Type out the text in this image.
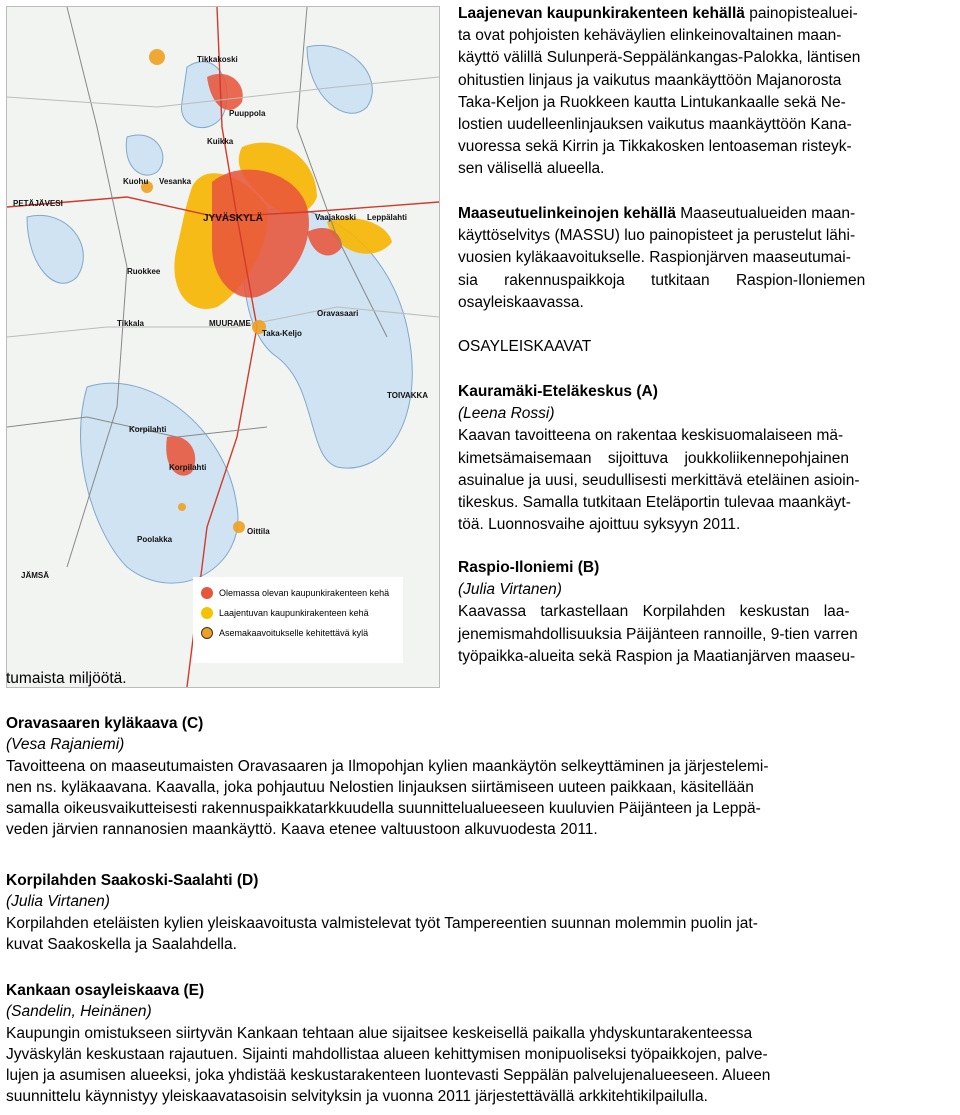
Tikkakoski
Puuppola
Kuohu Vesanka
PETÄJÄVESI
JYVÄSKYLÄ	Vaajakoski Leppälahti
MUURAME
Oravasaari
Tikkala
Taka-Keljo
TOIVAKKA
Korpilahti
Korpilahti
Oittila
Poolakka
JÄMSÄ
Kuikka
Ruokkee
Olemassa olevan kaupunkirakenteen kehä
Laajentuvan kaupunkirakenteen kehä
Asemakaavoitukselle kehitettävä kylä
Laajenevan kaupunkirakenteen kehällä painopistealuei-
ta ovat pohjoisten kehäväylien elinkeinovaltainen maan-
käyttö välillä Sulunperä-Seppälänkangas-Palokka, läntisen
ohitustien linjaus ja vaikutus maankäyttöön Majanorosta
Taka-Keljon ja Ruokkeen kautta Lintukankaalle sekä Ne-
lostien uudelleenlinjauksen vaikutus maankäyttöön Kana-
vuoressa sekä Kirrin ja Tikkakosken lentoaseman risteyk-
sen välisellä alueella.
Maaseutuelinkeinojen kehällä Maaseutualueiden maan-
käyttöselvitys (MASSU) luo painopisteet ja perustelut lähi-
vuosien kyläkaavoitukselle. Raspionjärven maaseutumai-
sia rakennuspaikkoja tutkitaan Raspion-Iloniemen
osayleiskaavassa.
OSAYLEISKAAVAT
Kauramäki-Eteläkeskus (A)
(Leena Rossi)
Kaavan tavoitteena on rakentaa keskisuomalaiseen mä-
kimetsämaisemaan sijoittuva joukkoliikennepohjainen
asuinalue ja uusi, seudullisesti merkittävä eteläinen asioin-
tikeskus. Samalla tutkitaan Eteläportin tulevaa maankäyt-
töä. Luonnosvaihe ajoittuu syksyyn 2011.
Raspio-Iloniemi (B)
(Julia Virtanen)
Kaavassa tarkastellaan Korpilahden keskustan laa-
jenemismahdollisuuksia Päijänteen rannoille, 9-tien varren
työpaikka-alueita sekä Raspion ja Maatianjärven maaseu-
tumaista miljöötä.
Oravasaaren kyläkaava (C)
(Vesa Rajaniemi)
Tavoitteena on maaseutumaisten Oravasaaren ja Ilmopohjan kylien maankäytön selkeyttäminen ja järjestelemi-
nen ns. kyläkaavana. Kaavalla, joka pohjautuu Nelostien linjauksen siirtämiseen uuteen paikkaan, käsitellään
samalla oikeusvaikutteisesti rakennuspaikkatarkkuudella suunnittelualueeseen kuuluvien Päijänteen ja Leppä-
veden järvien rannanosien maankäyttö. Kaava etenee valtuustoon alkuvuodesta 2011.
Korpilahden Saakoski-Saalahti (D)
(Julia Virtanen)
Korpilahden eteläisten kylien yleiskaavoitusta valmistelevat työt Tampereentien suunnan molemmin puolin jat-
kuvat Saakoskella ja Saalahdella.
Kankaan osayleiskaava (E)
(Sandelin, Heinänen)
Kaupungin omistukseen siirtyvän Kankaan tehtaan alue sijaitsee keskeisellä paikalla yhdyskuntarakenteessa
Jyväskylän keskustaan rajautuen. Sijainti mahdollistaa alueen kehittymisen monipuoliseksi työpaikkojen, palve-
lujen ja asumisen alueeksi, joka yhdistää keskustarakenteen luontevasti Seppälän palvelujenalueeseen. Alueen
suunnittelu käynnistyy yleiskaavatasoisin selvityksin ja vuonna 2011 järjestettävällä arkkitehtikilpailulla.
